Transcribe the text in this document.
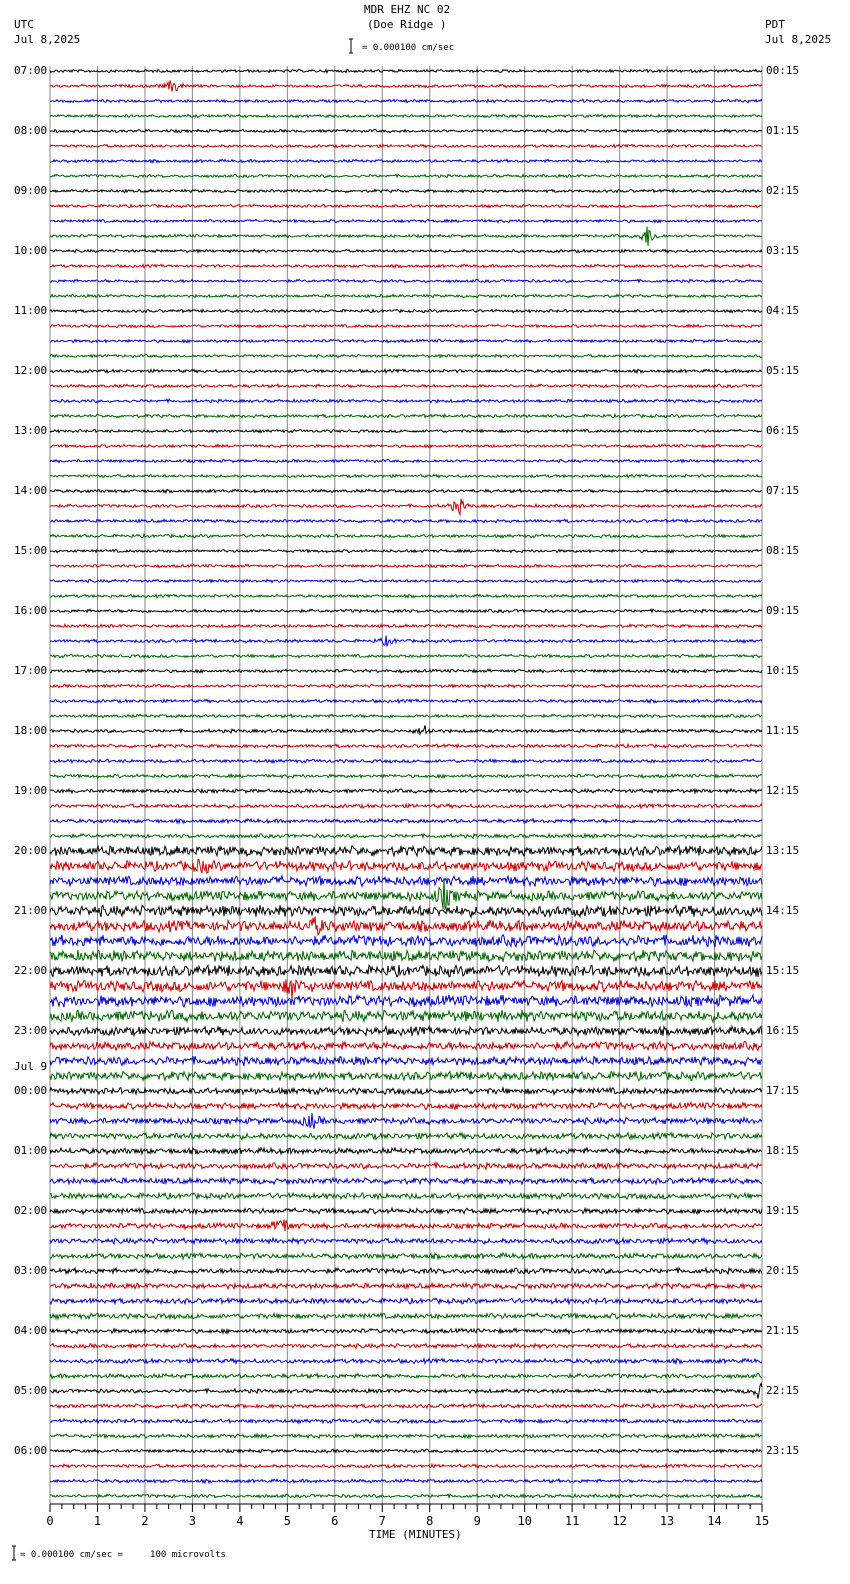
MDR EHZ NC 02
(Doe Ridge )
UTC
Jul 8,2025
PDT
Jul 8,2025
= 0.000100 cm/sec
= 0.000100 cm/sec =     100 microvolts
TIME (MINUTES)
Jul 9
07:00
08:00
09:00
10:00
11:00
12:00
13:00
14:00
15:00
16:00
17:00
18:00
19:00
20:00
21:00
22:00
23:00
00:00
01:00
02:00
03:00
04:00
05:00
06:00
00:15
01:15
02:15
03:15
04:15
05:15
06:15
07:15
08:15
09:15
10:15
11:15
12:15
13:15
14:15
15:15
16:15
17:15
18:15
19:15
20:15
21:15
22:15
23:15
0	1	2	3	4	5	6	7	8	9	10	11	12	13	14	15
